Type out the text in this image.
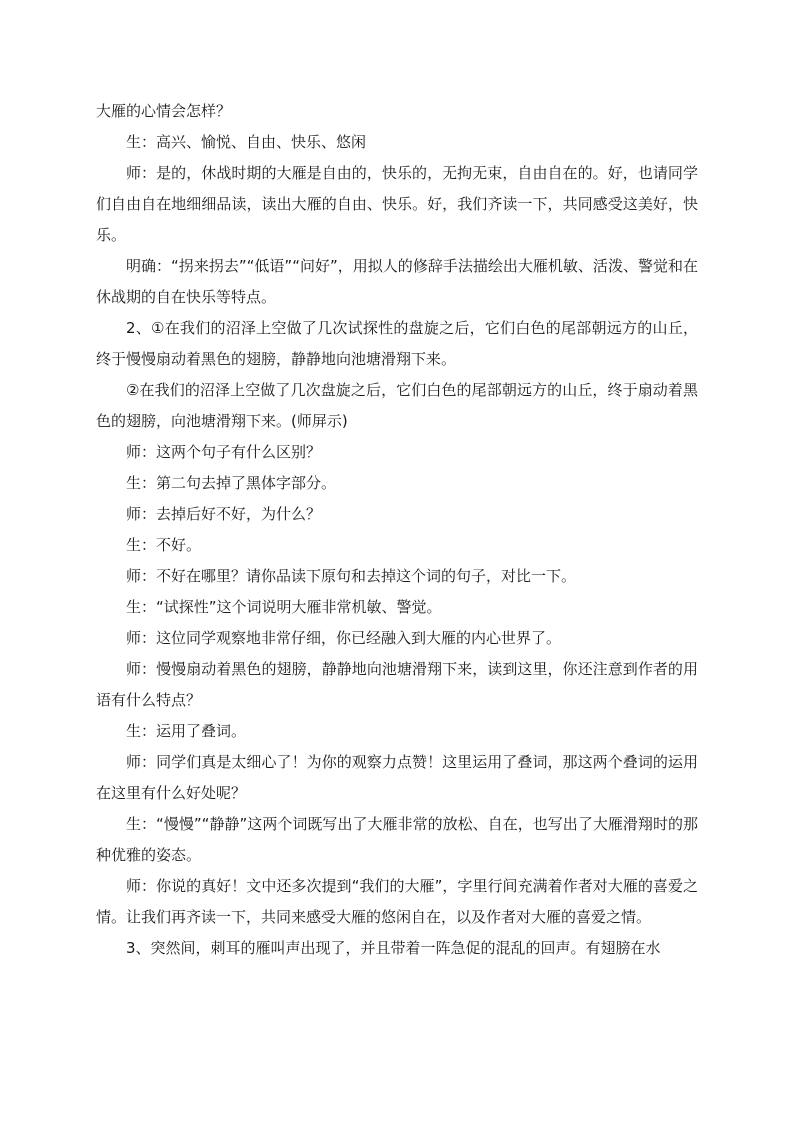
大雁的心情会怎样？

生：高兴、愉悦、自由、快乐、悠闲

师：是的，休战时期的大雁是自由的，快乐的，无拘无束，自由自在的。好，也请同学们自由自在地细细品读，读出大雁的自由、快乐。好，我们齐读一下，共同感受这美好，快乐。

明确：“拐来拐去”“低语”“问好”，用拟人的修辞手法描绘出大雁机敏、活泼、警觉和在休战期的自在快乐等特点。

2、①在我们的沼泽上空做了几次试探性的盘旋之后，它们白色的尾部朝远方的山丘，终于慢慢扇动着黑色的翅膀，静静地向池塘滑翔下来。

②在我们的沼泽上空做了几次盘旋之后，它们白色的尾部朝远方的山丘，终于扇动着黑色的翅膀，向池塘滑翔下来。(师屏示)

师：这两个句子有什么区别？

生：第二句去掉了黑体字部分。

师：去掉后好不好，为什么？

生：不好。

师：不好在哪里？请你品读下原句和去掉这个词的句子，对比一下。

生：“试探性”这个词说明大雁非常机敏、警觉。

师：这位同学观察地非常仔细，你已经融入到大雁的内心世界了。

师：慢慢扇动着黑色的翅膀，静静地向池塘滑翔下来，读到这里，你还注意到作者的用语有什么特点？

生：运用了叠词。

师：同学们真是太细心了！为你的观察力点赞！这里运用了叠词，那这两个叠词的运用在这里有什么好处呢？

生：“慢慢”“静静”这两个词既写出了大雁非常的放松、自在，也写出了大雁滑翔时的那种优雅的姿态。

师：你说的真好！文中还多次提到“我们的大雁”，字里行间充满着作者对大雁的喜爱之情。让我们再齐读一下，共同来感受大雁的悠闲自在，以及作者对大雁的喜爱之情。

3、突然间，刺耳的雁叫声出现了，并且带着一阵急促的混乱的回声。有翅膀在水
